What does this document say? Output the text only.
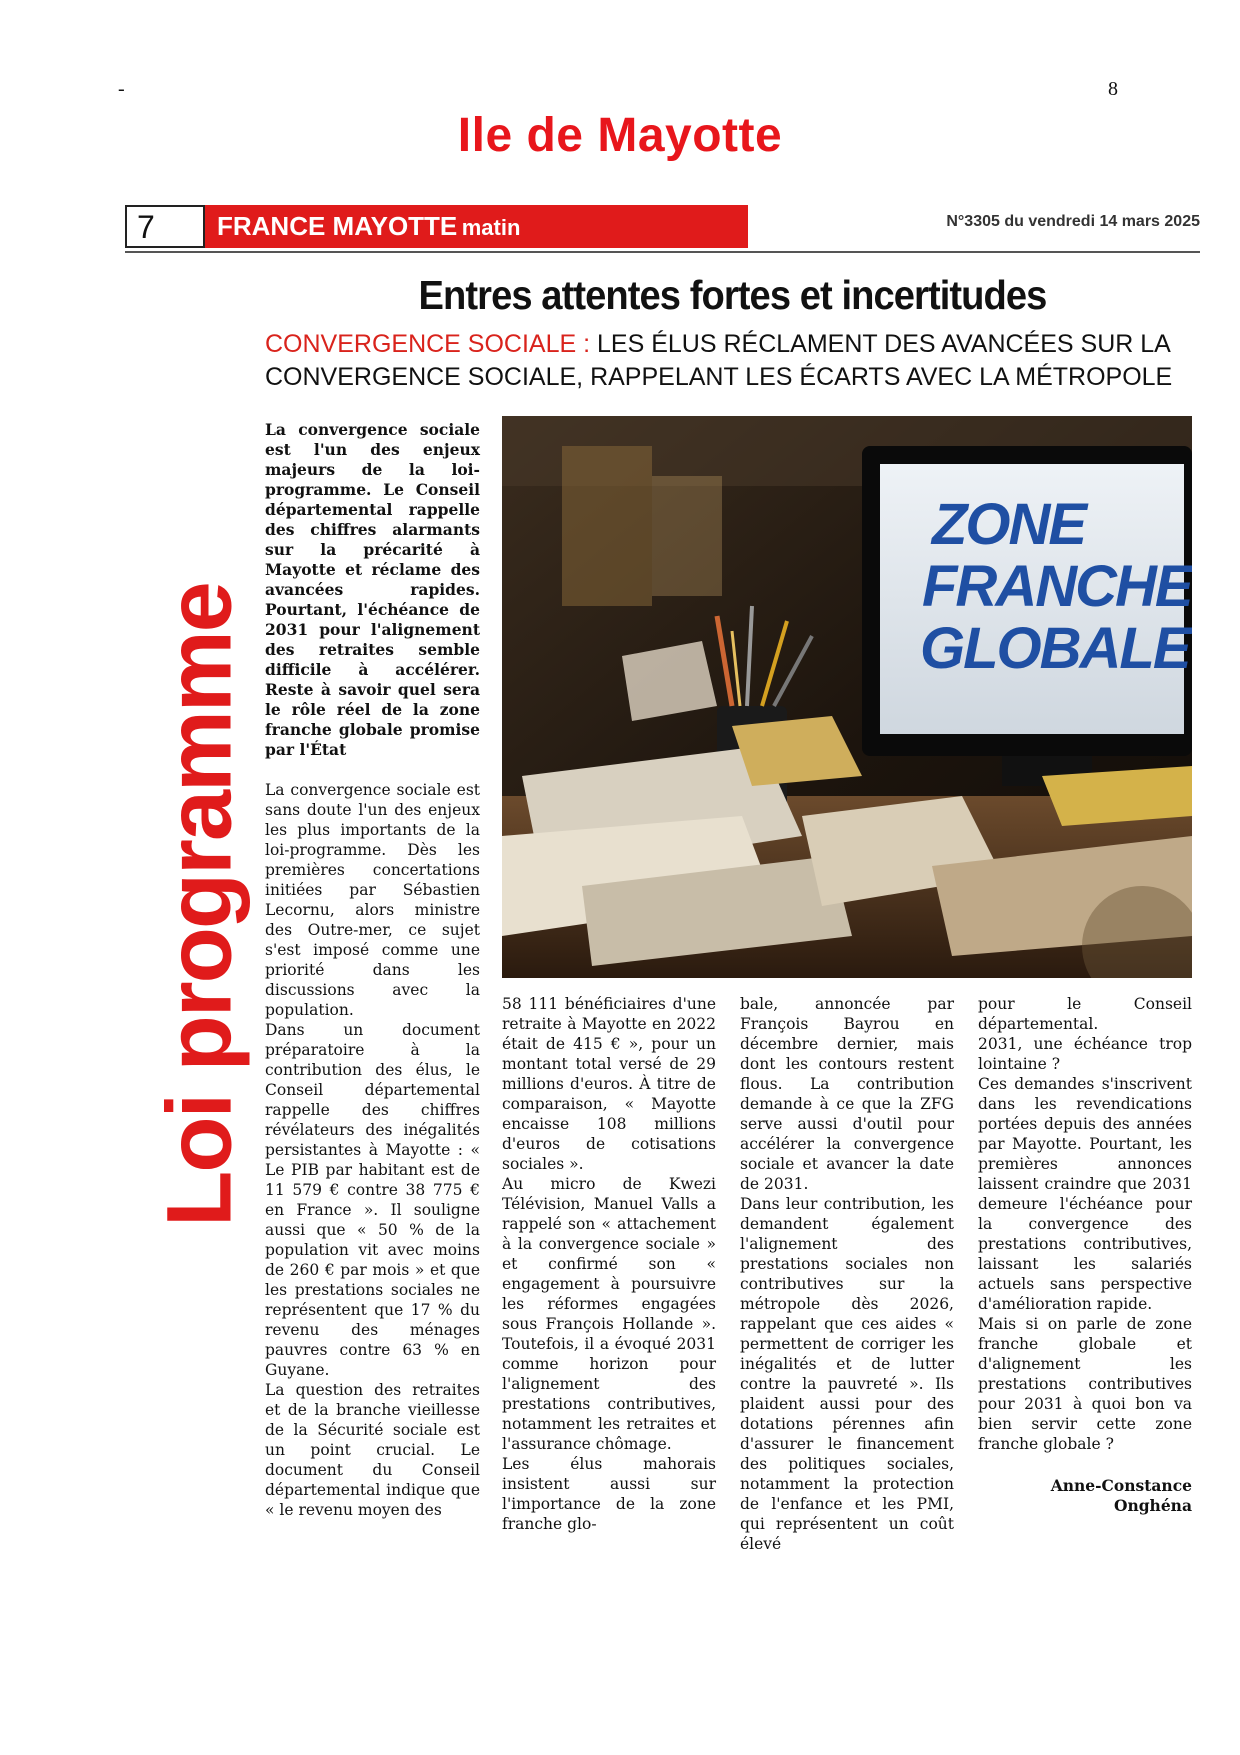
-	8
Ile de Mayotte
7	FRANCE MAYOTTE matin	N°3305 du vendredi 14 mars 2025
Entres attentes fortes et incertitudes
CONVERGENCE SOCIALE : LES ÉLUS RÉCLAMENT DES AVANCÉES SUR LA CONVERGENCE SOCIALE, RAPPELANT LES ÉCARTS AVEC LA MÉTROPOLE
Loi programme

La convergence sociale est l'un des enjeux majeurs de la loi-programme. Le Conseil départemental rappelle des chiffres alarmants sur la précarité à Mayotte et réclame des avancées rapides. Pourtant, l'échéance de 2031 pour l'alignement des retraites semble difficile à accélérer. Reste à savoir quel sera le rôle réel de la zone franche globale promise par l'État

La convergence sociale est sans doute l'un des enjeux les plus importants de la loi-programme. Dès les premières concertations initiées par Sébastien Lecornu, alors ministre des Outre-mer, ce sujet s'est imposé comme une priorité dans les discussions avec la population.

Dans un document préparatoire à la contribution des élus, le Conseil départemental rappelle des chiffres révélateurs des inégalités persistantes à Mayotte : « Le PIB par habitant est de 11 579 € contre 38 775 € en France ». Il souligne aussi que « 50 % de la population vit avec moins de 260 € par mois » et que les prestations sociales ne représentent que 17 % du revenu des ménages pauvres contre 63 % en Guyane.

La question des retraites et de la branche vieillesse de la Sécurité sociale est un point crucial. Le document du Conseil départemental indique que « le revenu moyen des

ZONE
FRANCHE
GLOBALE

58 111 bénéficiaires d'une retraite à Mayotte en 2022 était de 415 € », pour un montant total versé de 29 millions d'euros. À titre de comparaison, « Mayotte encaisse 108 millions d'euros de cotisations sociales ».

Au micro de Kwezi Télévision, Manuel Valls a rappelé son « attachement à la convergence sociale » et confirmé son « engagement à poursuivre les réformes engagées sous François Hollande ». Toutefois, il a évoqué 2031 comme horizon pour l'alignement des prestations contributives, notamment les retraites et l'assurance chômage.

Les élus mahorais insistent aussi sur l'importance de la zone franche glo-

bale, annoncée par François Bayrou en décembre dernier, mais dont les contours restent flous. La contribution demande à ce que la ZFG serve aussi d'outil pour accélérer la convergence sociale et avancer la date de 2031.

Dans leur contribution, les demandent également l'alignement des prestations sociales non contributives sur la métropole dès 2026, rappelant que ces aides « permettent de corriger les inégalités et de lutter contre la pauvreté ». Ils plaident aussi pour des dotations pérennes afin d'assurer le financement des politiques sociales, notamment la protection de l'enfance et les PMI, qui représentent un coût élevé

pour le Conseil départemental.

2031, une échéance trop lointaine ?

Ces demandes s'inscrivent dans les revendications portées depuis des années par Mayotte. Pourtant, les premières annonces laissent craindre que 2031 demeure l'échéance pour la convergence des prestations contributives, laissant les salariés actuels sans perspective d'amélioration rapide.

Mais si on parle de zone franche globale et d'alignement les prestations contributives pour 2031 à quoi bon va bien servir cette zone franche globale ?

Anne-Constance
Onghéna
